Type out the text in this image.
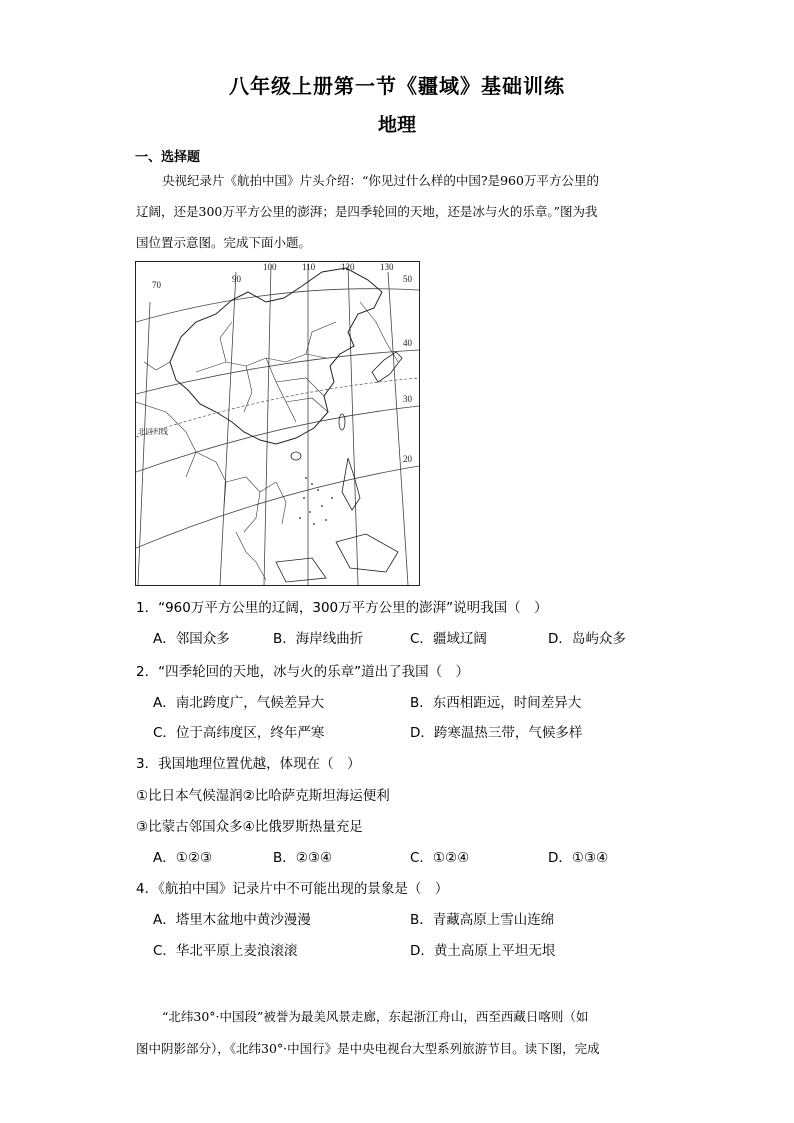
八年级上册第一节《疆域》基础训练
地理
一、选择题
央视纪录片《航拍中国》片头介绍：“你见过什么样的中国?是960万平方公里的
辽阔，还是300万平方公里的澎湃；是四季轮回的天地，还是冰与火的乐章。”图为我
国位置示意图。完成下面小题。
70
90
100	110	120	130
50
40
30
20
北回归线
1．“960万平方公里的辽阔，300万平方公里的澎湃”说明我国（　）
A．邻国众多	B．海岸线曲折	C．疆域辽阔	D．岛屿众多
2．“四季轮回的天地，冰与火的乐章”道出了我国（　）
A．南北跨度广，气候差异大	B．东西相距远，时间差异大
C．位于高纬度区，终年严寒	D．跨寒温热三带，气候多样
3．我国地理位置优越，体现在（　）
①比日本气候湿润②比哈萨克斯坦海运便利
③比蒙古邻国众多④比俄罗斯热量充足
A．①②③	B．②③④	C．①②④	D．①③④
4．《航拍中国》记录片中不可能出现的景象是（　）
A．塔里木盆地中黄沙漫漫	B．青藏高原上雪山连绵
C．华北平原上麦浪滚滚	D．黄土高原上平坦无垠
“北纬30°·中国段”被誉为最美风景走廊，东起浙江舟山，西至西藏日喀则（如
图中阴影部分），《北纬30°·中国行》是中央电视台大型系列旅游节目。读下图，完成
